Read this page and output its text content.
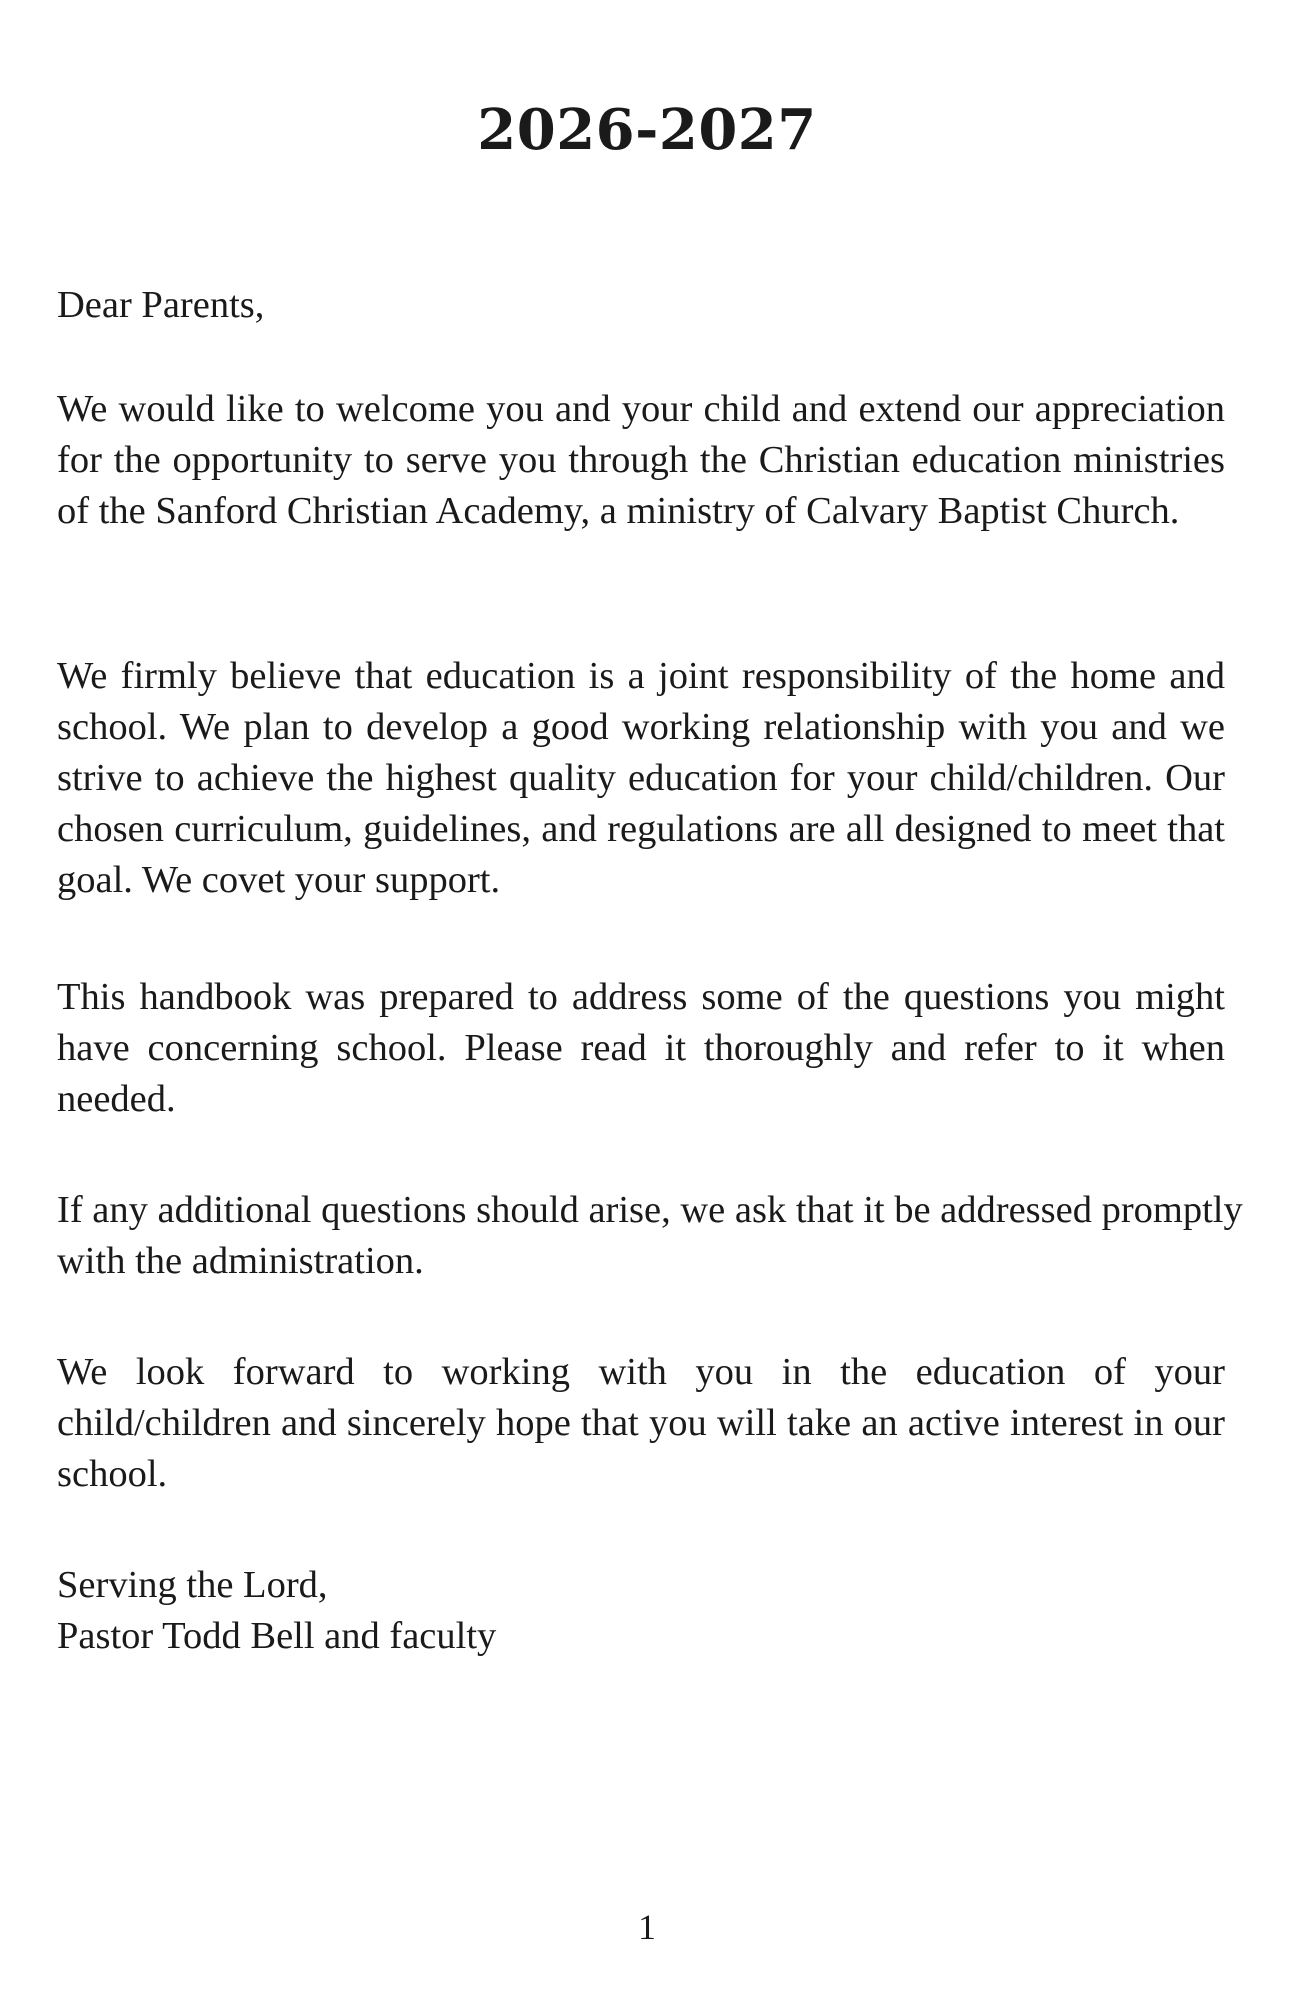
2026-2027

Dear Parents,

We would like to welcome you and your child and extend our appreciation for the opportunity to serve you through the Christian education ministries of the Sanford Christian Academy, a ministry of Calvary Baptist Church.

We firmly believe that education is a joint responsibility of the home and school. We plan to develop a good working relationship with you and we strive to achieve the highest quality education for your child/children. Our chosen curriculum, guidelines, and regulations are all designed to meet that goal. We covet your support.

This handbook was prepared to address some of the questions you might have concerning school. Please read it thoroughly and refer to it when needed.

If any additional questions should arise, we ask that it be addressed promptly with the administration.

We look forward to working with you in the education of your child/children and sincerely hope that you will take an active interest in our school.

Serving the Lord,

Pastor Todd Bell and faculty

1
